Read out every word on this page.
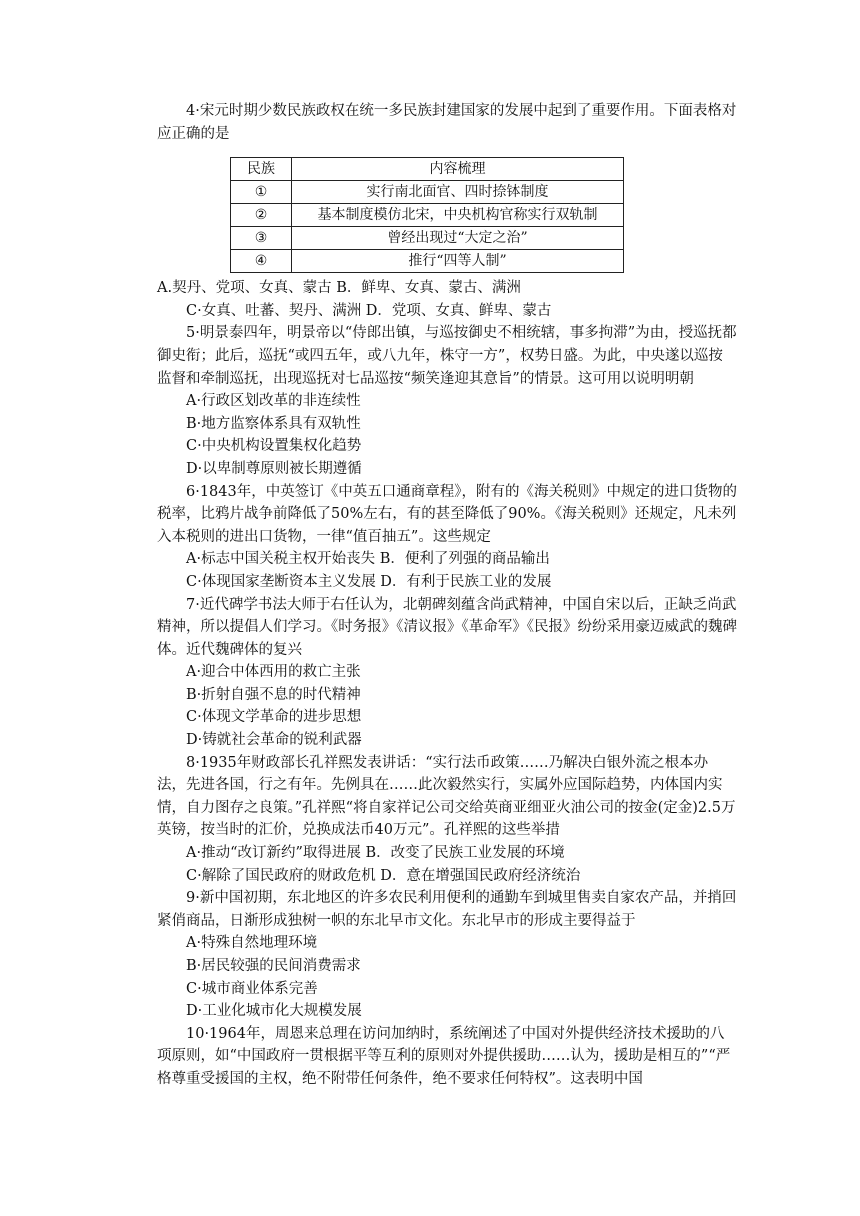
4·宋元时期少数民族政权在统一多民族封建国家的发展中起到了重要作用。下面表格对应正确的是
民族	内容梳理
①	实行南北面官、四时捺钵制度
②	基本制度模仿北宋，中央机构官称实行双轨制
③	曾经出现过“大定之治”
④	推行“四等人制”
A.契丹、党项、女真、蒙古 B．鲜卑、女真、蒙古、满洲
C·女真、吐蕃、契丹、满洲 D．党项、女真、鲜卑、蒙古
5·明景泰四年，明景帝以“侍郎出镇，与巡按御史不相统辖，事多拘滞”为由，授巡抚都御史衔；此后，巡抚“或四五年，或八九年，株守一方”，权势日盛。为此，中央遂以巡按监督和牵制巡抚，出现巡抚对七品巡按“频笑逢迎其意旨”的情景。这可用以说明明朝
A·行政区划改革的非连续性
B·地方监察体系具有双轨性
C·中央机构设置集权化趋势
D·以卑制尊原则被长期遵循
6·1843年，中英签订《中英五口通商章程》，附有的《海关税则》中规定的进口货物的税率，比鸦片战争前降低了50%左右，有的甚至降低了90%。《海关税则》还规定，凡未列入本税则的进出口货物，一律“值百抽五”。这些规定
A·标志中国关税主权开始丧失 B．便利了列强的商品输出
C·体现国家垄断资本主义发展 D．有利于民族工业的发展
7·近代碑学书法大师于右任认为，北朝碑刻蕴含尚武精神，中国自宋以后，正缺乏尚武精神，所以提倡人们学习。《时务报》《清议报》《革命军》《民报》纷纷采用豪迈威武的魏碑体。近代魏碑体的复兴
A·迎合中体西用的救亡主张
B·折射自强不息的时代精神
C·体现文学革命的进步思想
D·铸就社会革命的锐利武器
8·1935年财政部长孔祥熙发表讲话：“实行法币政策……乃解决白银外流之根本办法，先进各国，行之有年。先例具在……此次毅然实行，实属外应国际趋势，内体国内实情，自力图存之良策。”孔祥熙“将自家祥记公司交给英商亚细亚火油公司的按金(定金)2.5万英镑，按当时的汇价，兑换成法币40万元”。孔祥熙的这些举措
A·推动“改订新约”取得进展 B．改变了民族工业发展的环境
C·解除了国民政府的财政危机 D．意在增强国民政府经济统治
9·新中国初期，东北地区的许多农民利用便利的通勤车到城里售卖自家农产品，并捎回紧俏商品，日渐形成独树一帜的东北早市文化。东北早市的形成主要得益于
A·特殊自然地理环境
B·居民较强的民间消费需求
C·城市商业体系完善
D·工业化城市化大规模发展
10·1964年，周恩来总理在访问加纳时，系统阐述了中国对外提供经济技术援助的八项原则，如“中国政府一贯根据平等互利的原则对外提供援助……认为，援助是相互的”“严格尊重受援国的主权，绝不附带任何条件，绝不要求任何特权”。这表明中国
